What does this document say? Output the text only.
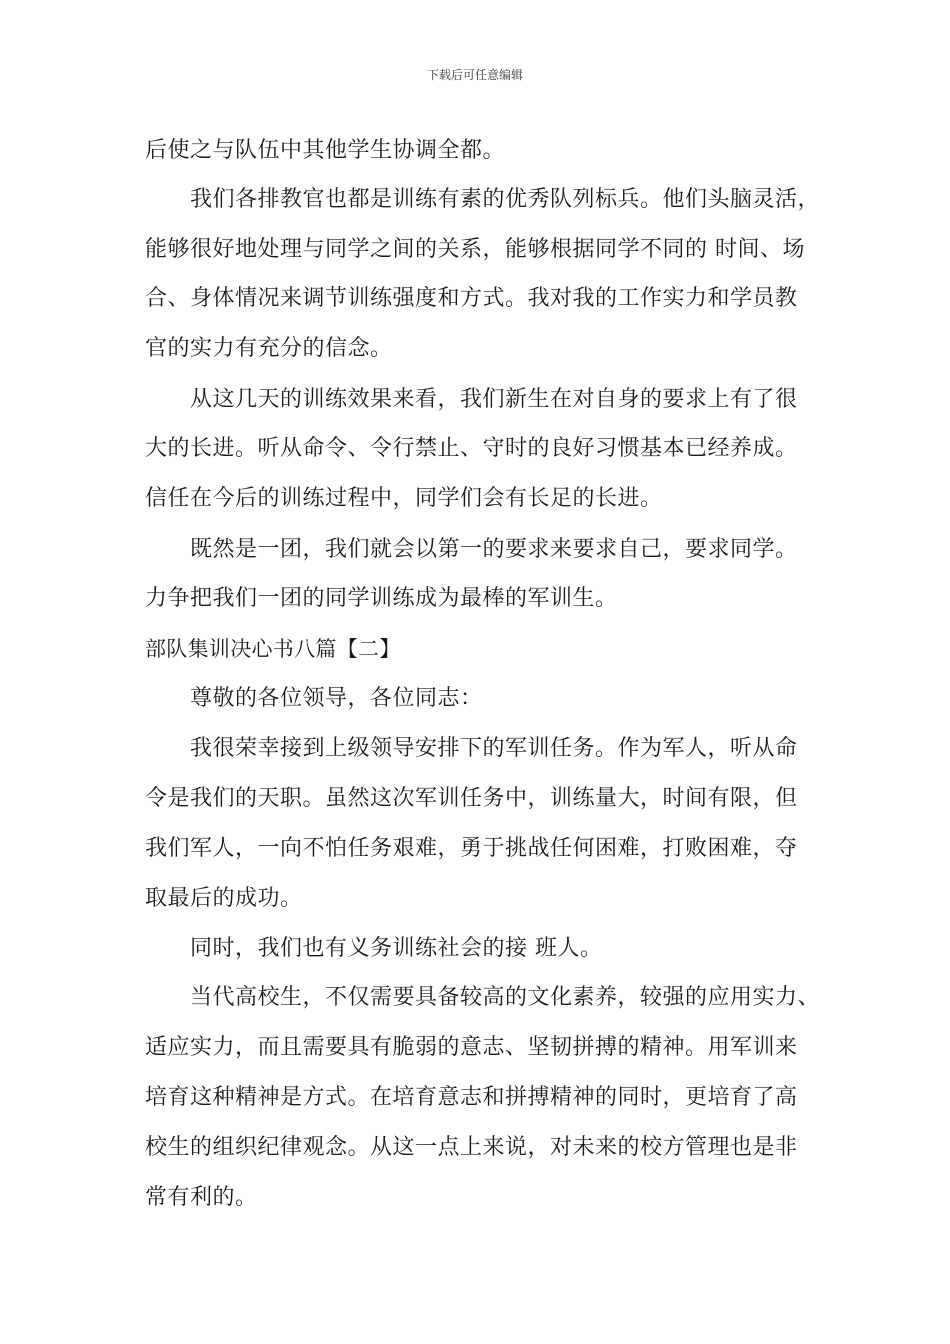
下载后可任意编辑
后使之与队伍中其他学生协调全都。
我们各排教官也都是训练有素的优秀队列标兵。他们头脑灵活，
能够很好地处理与同学之间的关系，能够根据同学不同的 时间、场
合、身体情况来调节训练强度和方式。我对我的工作实力和学员教
官的实力有充分的信念。
从这几天的训练效果来看，我们新生在对自身的要求上有了很
大的长进。听从命令、令行禁止、守时的良好习惯基本已经养成。
信任在今后的训练过程中，同学们会有长足的长进。
既然是一团，我们就会以第一的要求来要求自己，要求同学。
力争把我们一团的同学训练成为最棒的军训生。
部队集训决心书八篇【二】
尊敬的各位领导，各位同志：
我很荣幸接到上级领导安排下的军训任务。作为军人，听从命
令是我们的天职。虽然这次军训任务中，训练量大，时间有限，但
我们军人，一向不怕任务艰难，勇于挑战任何困难，打败困难，夺
取最后的成功。
同时，我们也有义务训练社会的接 班人。
当代高校生，不仅需要具备较高的文化素养，较强的应用实力、
适应实力，而且需要具有脆弱的意志、坚韧拼搏的精神。用军训来
培育这种精神是方式。在培育意志和拼搏精神的同时，更培育了高
校生的组织纪律观念。从这一点上来说，对未来的校方管理也是非
常有利的。
